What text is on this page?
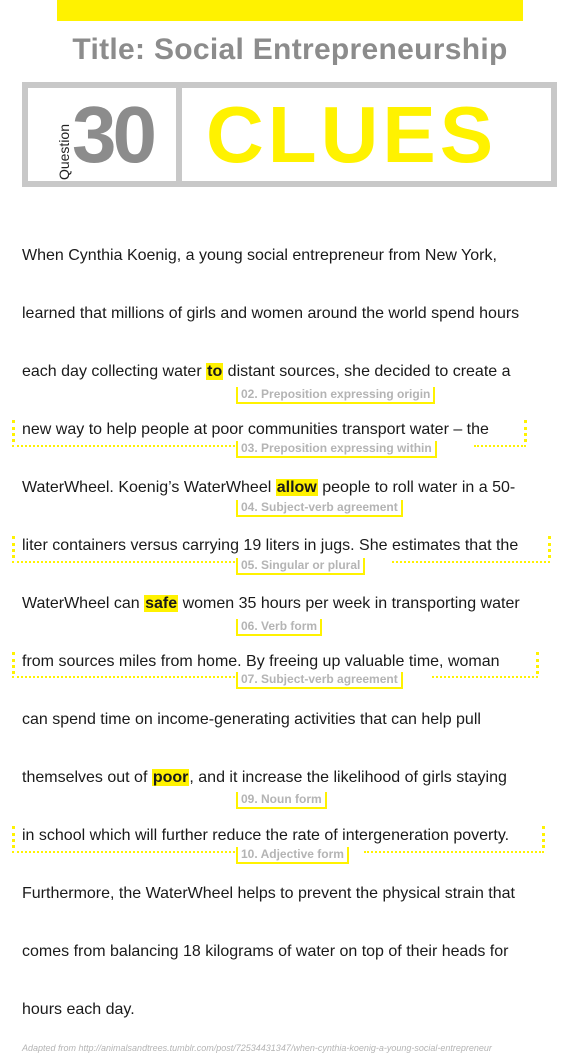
Title: Social Entrepreneurship
Question 30 CLUES
When Cynthia Koenig, a young social entrepreneur from New York,
learned that millions of girls and women around the world spend hours
each day collecting water to distant sources, she decided to create a
new way to help people at poor communities transport water – the
WaterWheel. Koenig’s WaterWheel allow people to roll water in a 50-
liter containers versus carrying 19 liters in jugs. She estimates that the
WaterWheel can safe women 35 hours per week in transporting water
from sources miles from home. By freeing up valuable time, woman
can spend time on income-generating activities that can help pull
themselves out of poor, and it increase the likelihood of girls staying
in school which will further reduce the rate of intergeneration poverty.
Furthermore, the WaterWheel helps to prevent the physical strain that
comes from balancing 18 kilograms of water on top of their heads for
hours each day.
02. Preposition expressing origin
03. Preposition expressing within
04. Subject-verb agreement
05. Singular or plural
06. Verb form
07. Subject-verb agreement
09. Noun form
10. Adjective form
Adapted from http://animalsandtrees.tumblr.com/post/72534431347/when-cynthia-koenig-a-young-social-entrepreneur
